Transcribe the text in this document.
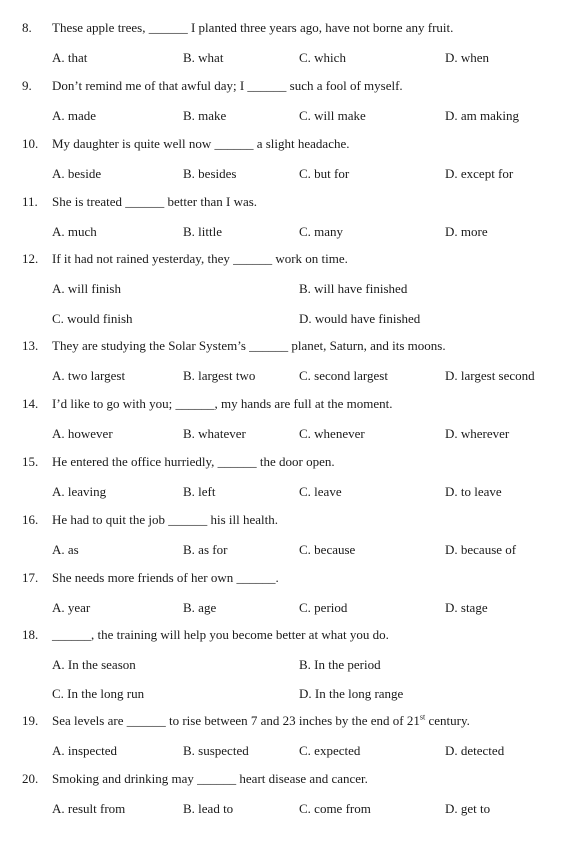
8.	These apple trees, ______ I planted three years ago, have not borne any fruit.
A. that	B. what	C. which	D. when
9.	Don’t remind me of that awful day; I ______ such a fool of myself.
A. made	B. make	C. will make	D. am making
10.	My daughter is quite well now ______ a slight headache.
A. beside	B. besides	C. but for	D. except for
11.	She is treated ______ better than I was.
A. much	B. little	C. many	D. more
12.	If it had not rained yesterday, they ______ work on time.
A. will finish	B. will have finished
C. would finish	D. would have finished
13.	They are studying the Solar System’s ______ planet, Saturn, and its moons.
A. two largest	B. largest two	C. second largest	D. largest second
14.	I’d like to go with you; ______, my hands are full at the moment.
A. however	B. whatever	C. whenever	D. wherever
15.	He entered the office hurriedly, ______ the door open.
A. leaving	B. left	C. leave	D. to leave
16.	He had to quit the job ______ his ill health.
A. as	B. as for	C. because	D. because of
17.	She needs more friends of her own ______.
A. year	B. age	C. period	D. stage
18.	______, the training will help you become better at what you do.
A. In the season	B. In the period
C. In the long run	D. In the long range
19.	Sea levels are ______ to rise between 7 and 23 inches by the end of 21st century.
A. inspected	B. suspected	C. expected	D. detected
20.	Smoking and drinking may ______ heart disease and cancer.
A. result from	B. lead to	C. come from	D. get to
